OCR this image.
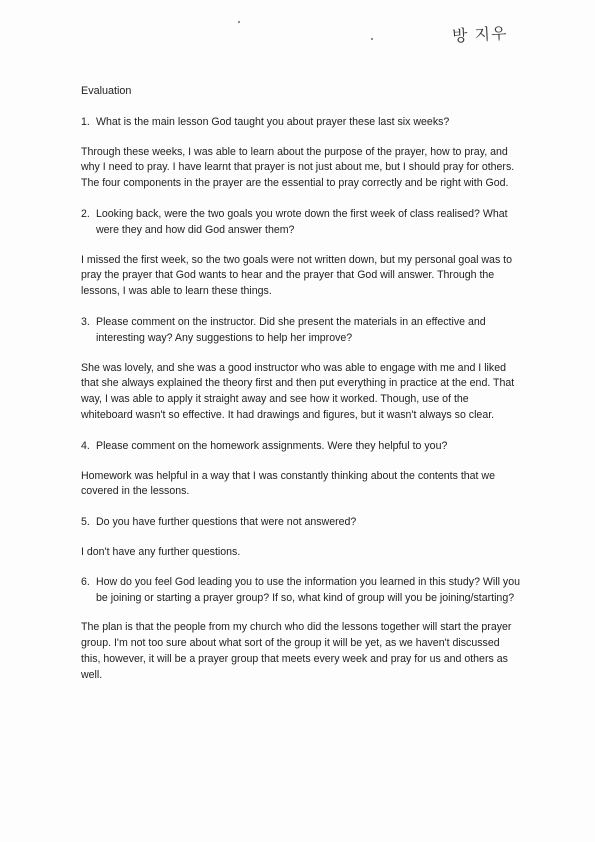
방 지우
Evaluation
1. What is the main lesson God taught you about prayer these last six weeks?
Through these weeks, I was able to learn about the purpose of the prayer, how to pray, and why I need to pray. I have learnt that prayer is not just about me, but I should pray for others. The four components in the prayer are the essential to pray correctly and be right with God.
2. Looking back, were the two goals you wrote down the first week of class realised? What were they and how did God answer them?
I missed the first week, so the two goals were not written down, but my personal goal was to pray the prayer that God wants to hear and the prayer that God will answer. Through the lessons, I was able to learn these things.
3. Please comment on the instructor. Did she present the materials in an effective and interesting way? Any suggestions to help her improve?
She was lovely, and she was a good instructor who was able to engage with me and I liked that she always explained the theory first and then put everything in practice at the end. That way, I was able to apply it straight away and see how it worked. Though, use of the whiteboard wasn't so effective. It had drawings and figures, but it wasn't always so clear.
4. Please comment on the homework assignments. Were they helpful to you?
Homework was helpful in a way that I was constantly thinking about the contents that we covered in the lessons.
5. Do you have further questions that were not answered?
I don't have any further questions.
6. How do you feel God leading you to use the information you learned in this study? Will you be joining or starting a prayer group? If so, what kind of group will you be joining/starting?
The plan is that the people from my church who did the lessons together will start the prayer group. I'm not too sure about what sort of the group it will be yet, as we haven't discussed this, however, it will be a prayer group that meets every week and pray for us and others as well.
